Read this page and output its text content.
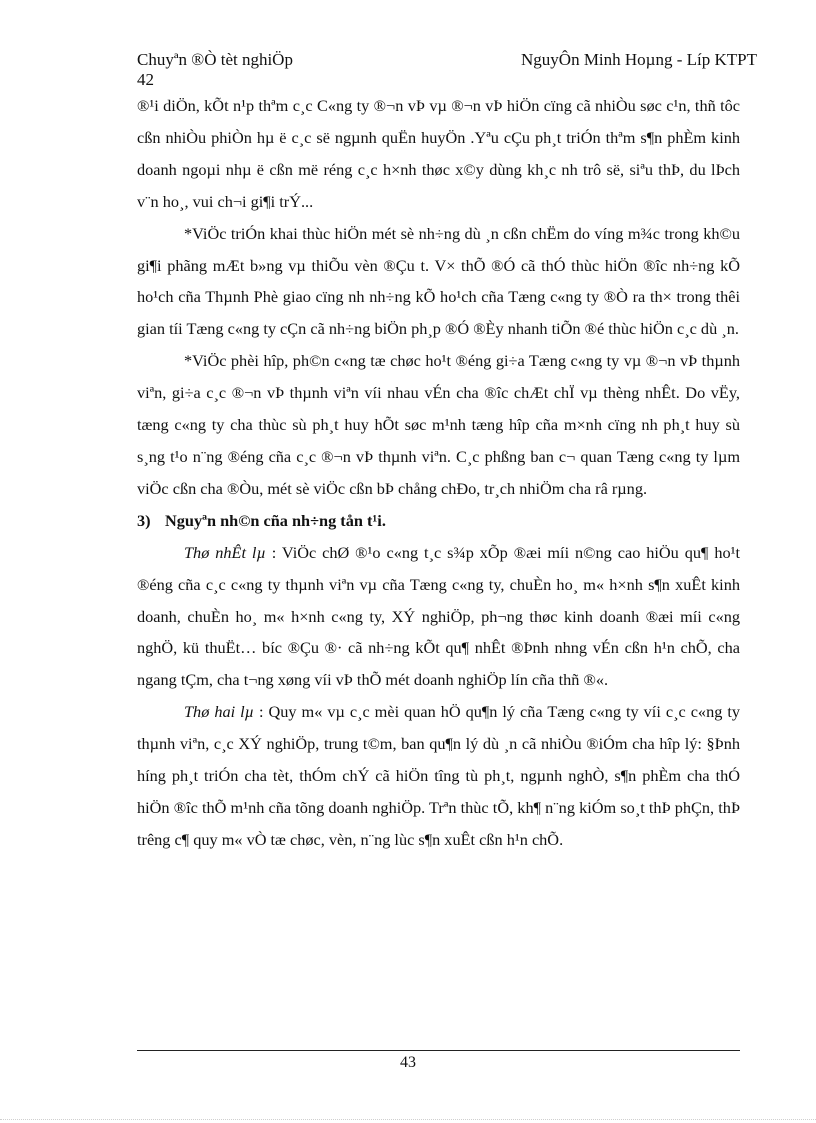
Chuyªn ®Ò tèt nghiÖp	NguyÔn Minh Hoµng - Líp KTPT
42

®¹i diÖn, kÕt n¹p thªm c¸c C«ng ty ®¬n vÞ vµ ®¬n vÞ hiÖn cïng cã nhiÒu søc c¹n, thñ tôc cßn nhiÒu phiÒn hµ ë c¸c së ngµnh quËn huyÖn .Yªu cÇu ph¸t triÓn thªm s¶n phÈm kinh doanh ngoµi nhµ ë cßn më réng c¸c h×nh thøc x©y dùng kh¸c nh trô së, siªu thÞ, du lÞch v¨n ho¸, vui ch¬i gi¶i trÝ...

*ViÖc triÓn khai thùc hiÖn mét sè nh÷ng dù ¸n cßn chËm do víng m¾c trong kh©u gi¶i phãng mÆt b»ng vµ thiÕu vèn ®Çu t. V× thÕ ®Ó cã thÓ thùc hiÖn ®îc nh÷ng kÕ ho¹ch cña Thµnh Phè giao cïng nh nh÷ng kÕ ho¹ch cña Tæng c«ng ty ®Ò ra th× trong thêi gian tíi Tæng c«ng ty cÇn cã nh÷ng biÖn ph¸p ®Ó ®Èy nhanh tiÕn ®é thùc hiÖn c¸c dù ¸n.

*ViÖc phèi hîp, ph©n c«ng tæ chøc ho¹t ®éng gi÷a Tæng c«ng ty vµ ®¬n vÞ thµnh viªn, gi÷a c¸c ®¬n vÞ thµnh viªn víi nhau vÉn cha ®îc chÆt chÏ vµ thèng nhÊt. Do vËy, tæng c«ng ty cha thùc sù ph¸t huy hÕt søc m¹nh tæng hîp cña m×nh cïng nh ph¸t huy sù s¸ng t¹o n¨ng ®éng cña c¸c ®¬n vÞ thµnh viªn. C¸c phßng ban c¬ quan Tæng c«ng ty lµm viÖc cßn cha ®Òu, mét sè viÖc cßn bÞ chång chÐo, tr¸ch nhiÖm cha râ rµng.

3) Nguyªn nh©n cña nh÷ng tån t¹i.

Thø nhÊt lµ : ViÖc chØ ®¹o c«ng t¸c s¾p xÕp ®æi míi n©ng cao hiÖu qu¶ ho¹t ®éng cña c¸c c«ng ty thµnh viªn vµ cña Tæng c«ng ty, chuÈn ho¸ m« h×nh s¶n xuÊt kinh doanh, chuÈn ho¸ m« h×nh c«ng ty, XÝ nghiÖp, ph¬ng thøc kinh doanh ®æi míi c«ng nghÖ, kü thuËt… bíc ®Çu ®· cã nh÷ng kÕt qu¶ nhÊt ®Þnh nhng vÉn cßn h¹n chÕ, cha ngang tÇm, cha t¬ng xøng víi vÞ thÕ mét doanh nghiÖp lín cña thñ ®«.

Thø hai lµ : Quy m« vµ c¸c mèi quan hÖ qu¶n lý cña Tæng c«ng ty víi c¸c c«ng ty thµnh viªn, c¸c XÝ nghiÖp, trung t©m, ban qu¶n lý dù ¸n cã nhiÒu ®iÓm cha hîp lý: §Þnh híng ph¸t triÓn cha tèt, thÓm chÝ cã hiÖn tîng tù ph¸t, ngµnh nghÒ, s¶n phÈm cha thÓ hiÖn ®îc thÕ m¹nh cña tõng doanh nghiÖp. Trªn thùc tÕ, kh¶ n¨ng kiÓm so¸t thÞ phÇn, thÞ trêng c¶ quy m« vÒ tæ chøc, vèn, n¨ng lùc s¶n xuÊt cßn h¹n chÕ.

43
